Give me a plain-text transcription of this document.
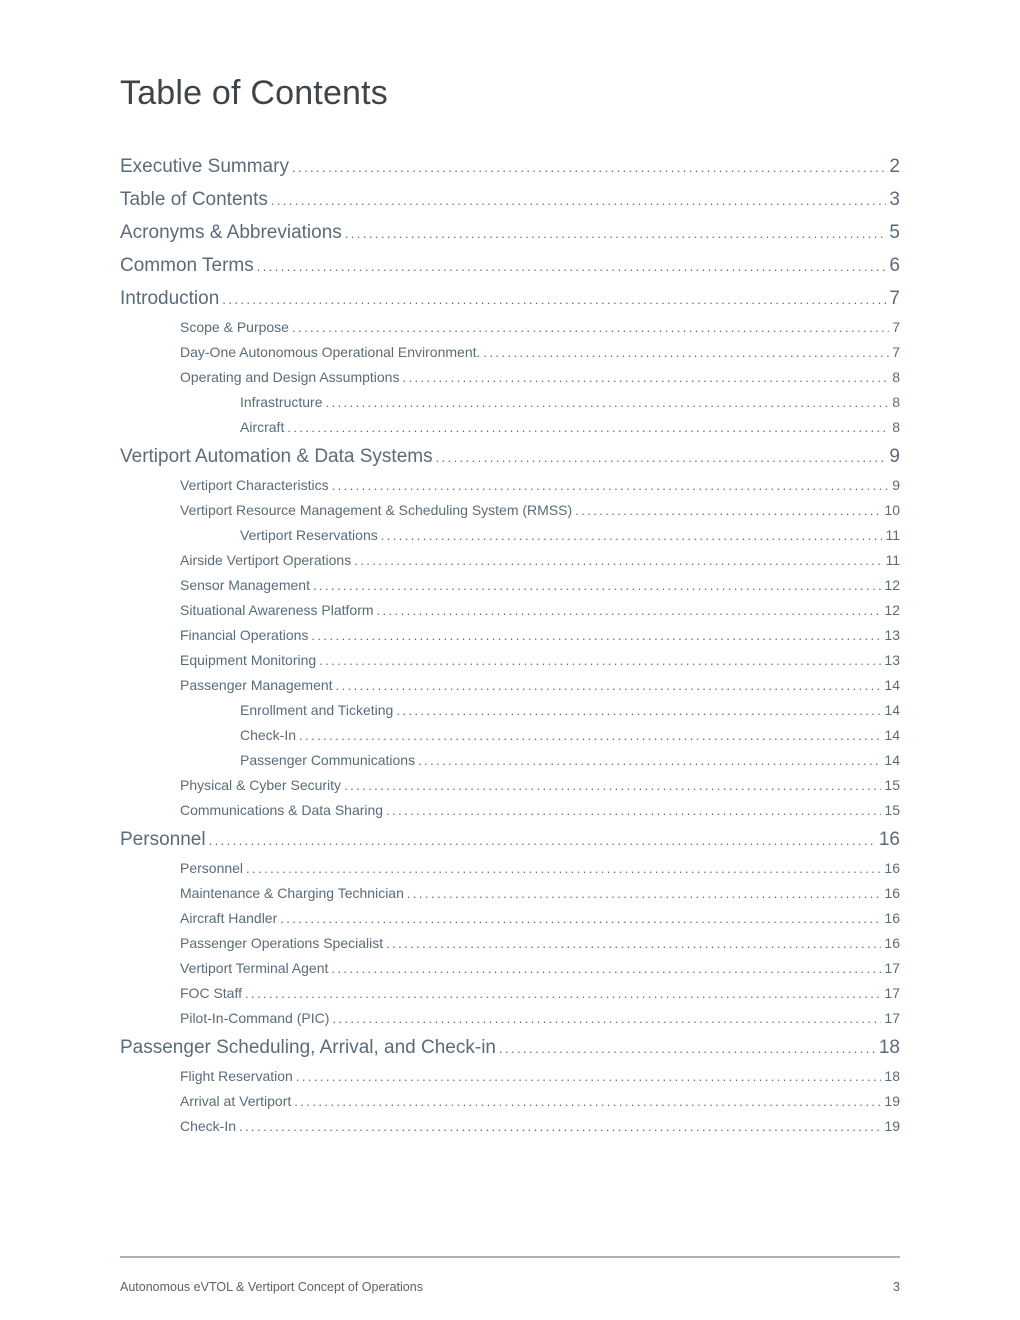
Table of Contents
Executive Summary .....	2
Table of Contents .....	3
Acronyms & Abbreviations .....	5
Common Terms .....	6
Introduction .....	7
Scope & Purpose .....	7
Day-One Autonomous Operational Environment. .....	7
Operating and Design Assumptions .....	8
Infrastructure .....	8
Aircraft .....	8
Vertiport Automation & Data Systems .....	9
Vertiport Characteristics .....	9
Vertiport Resource Management & Scheduling System (RMSS) .....	10
Vertiport Reservations .....	11
Airside Vertiport Operations .....	11
Sensor Management .....	12
Situational Awareness Platform .....	12
Financial Operations .....	13
Equipment Monitoring .....	13
Passenger Management .....	14
Enrollment and Ticketing .....	14
Check-In .....	14
Passenger Communications .....	14
Physical & Cyber Security .....	15
Communications & Data Sharing .....	15
Personnel .....	16
Personnel .....	16
Maintenance & Charging Technician .....	16
Aircraft Handler .....	16
Passenger Operations Specialist .....	16
Vertiport Terminal Agent .....	17
FOC Staff .....	17
Pilot-In-Command (PIC) .....	17
Passenger Scheduling, Arrival, and Check-in .....	18
Flight Reservation .....	18
Arrival at Vertiport .....	19
Check-In .....	19
Autonomous eVTOL & Vertiport Concept of Operations	3
